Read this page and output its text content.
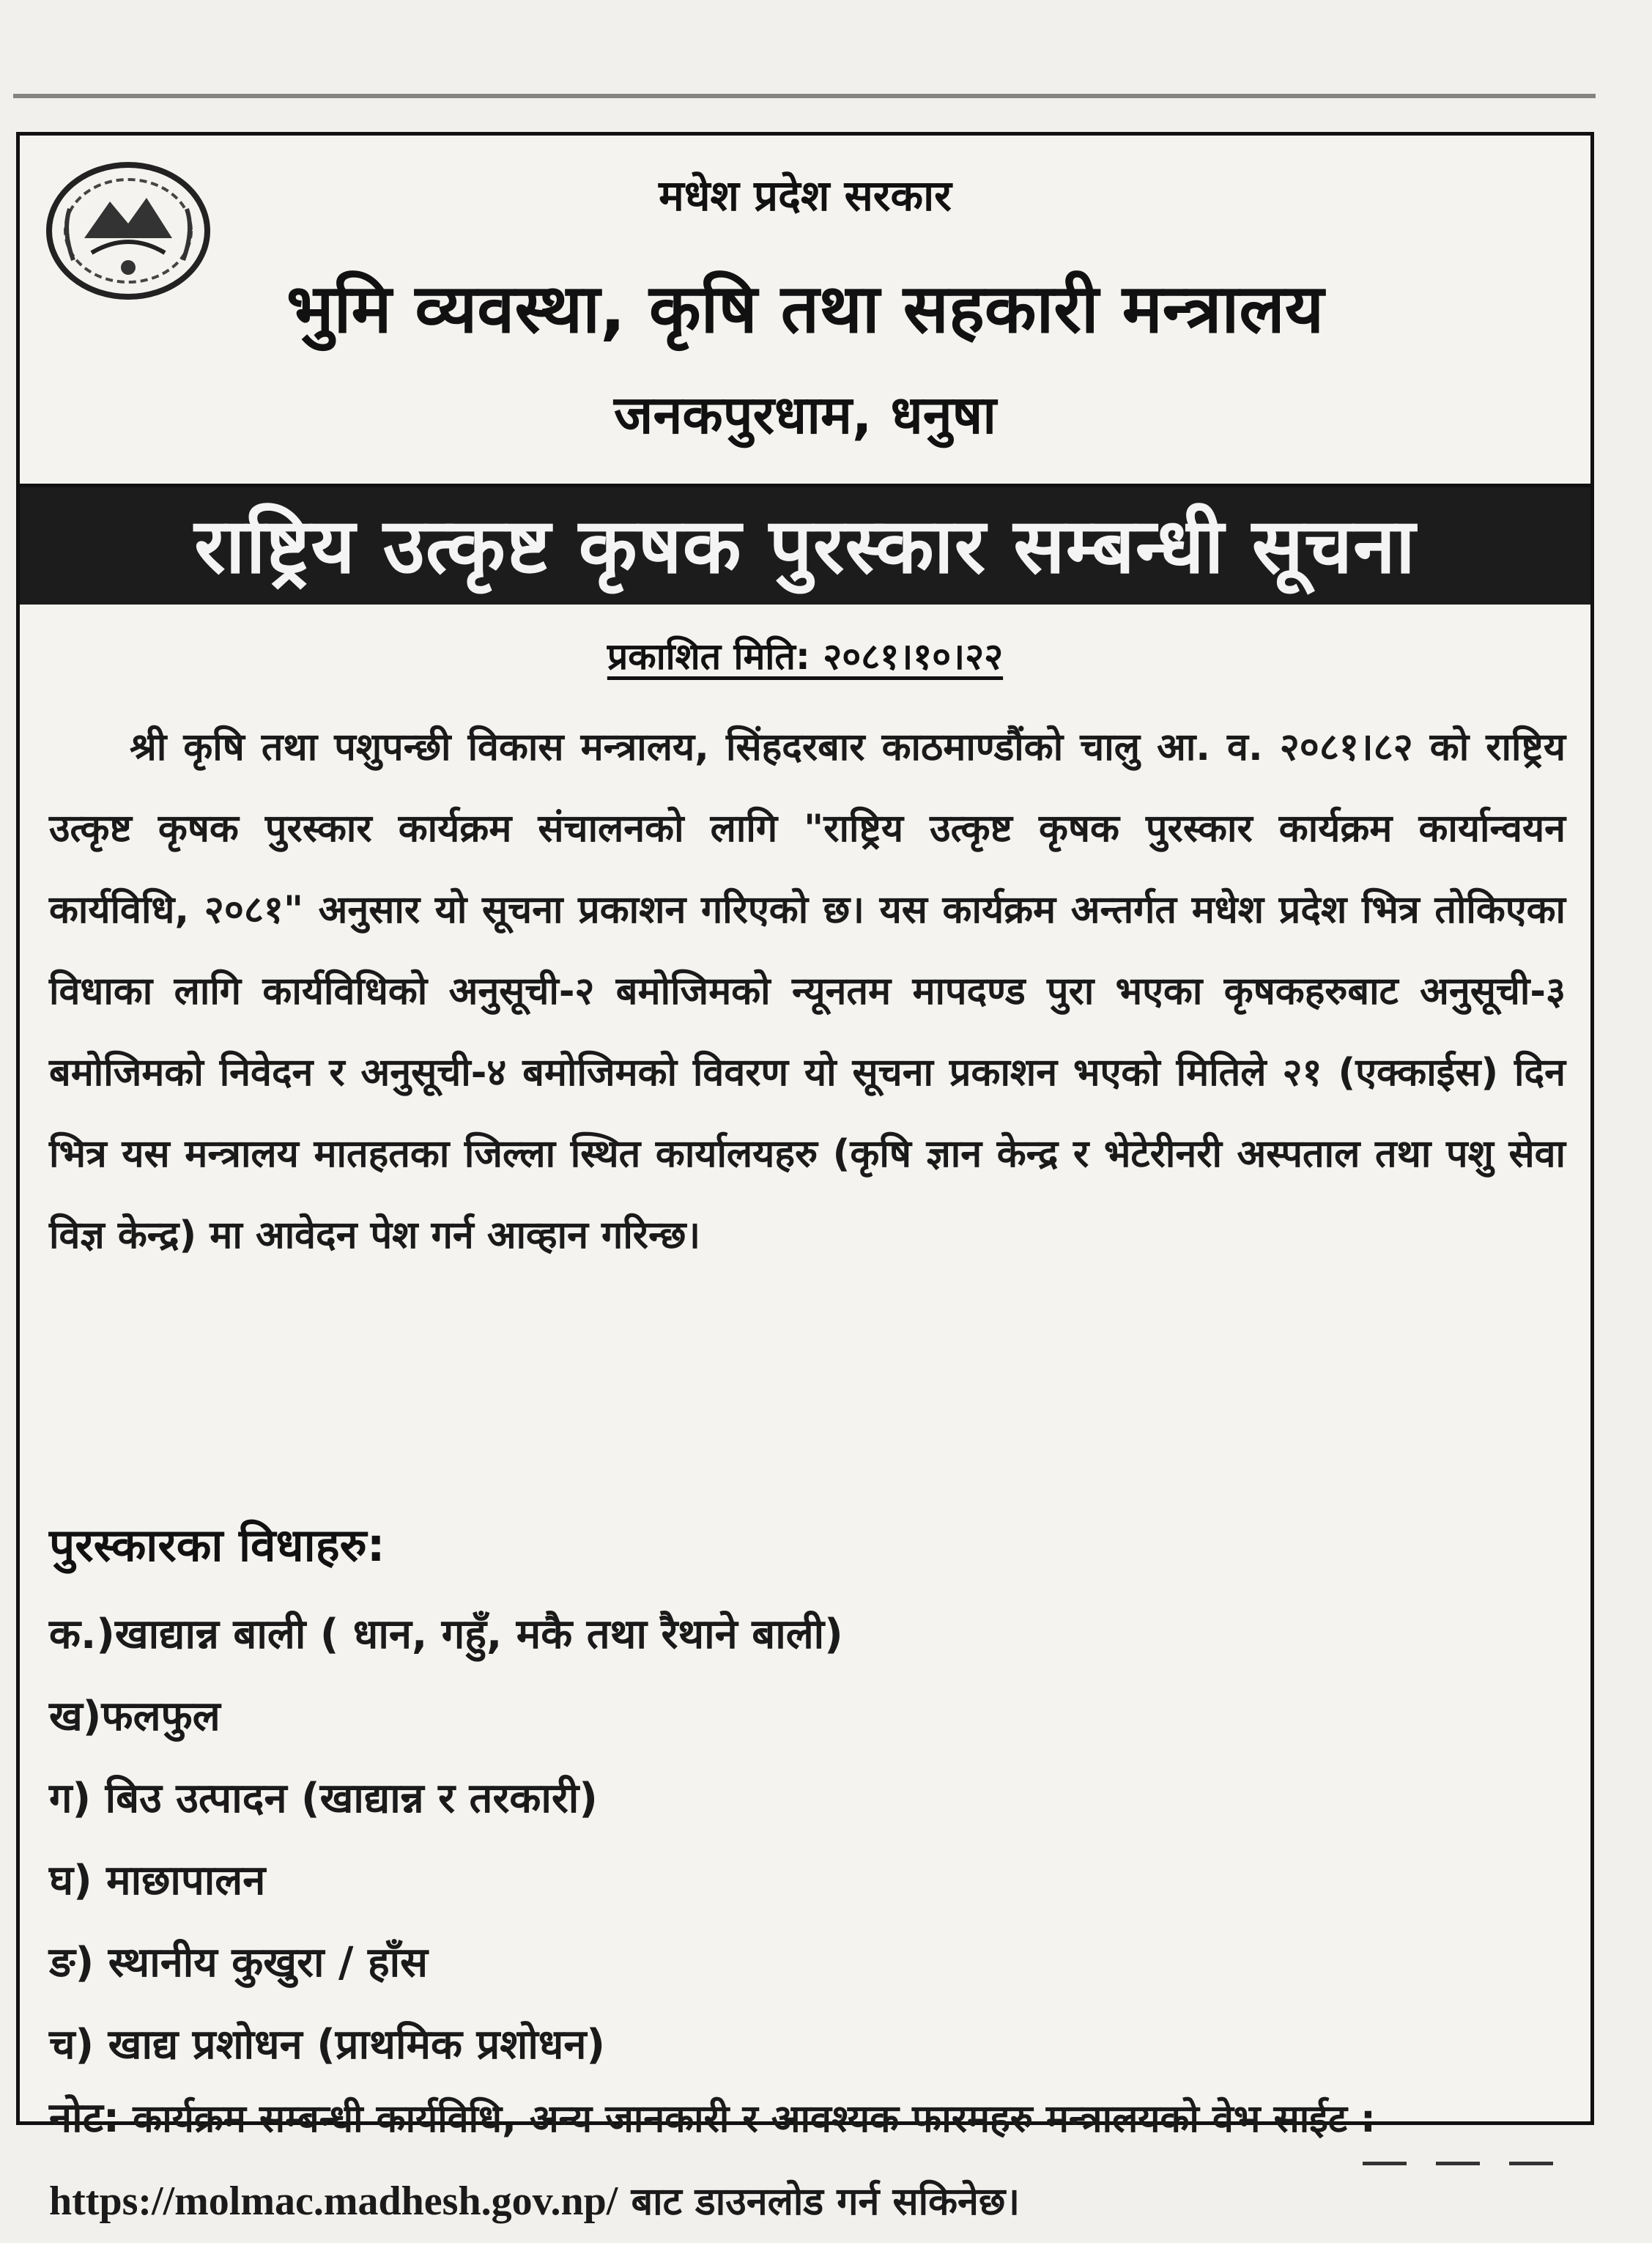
मधेश प्रदेश सरकार
भुमि व्यवस्था, कृषि तथा सहकारी मन्त्रालय
जनकपुरधाम, धनुषा
राष्ट्रिय उत्कृष्ट कृषक पुरस्कार सम्बन्धी सूचना
प्रकाशित मिति: २०८१।१०।२२

श्री कृषि तथा पशुपन्छी विकास मन्त्रालय, सिंहदरबार काठमाण्डौंको चालु आ. व. २०८१।८२ को राष्ट्रिय उत्कृष्ट कृषक पुरस्कार कार्यक्रम संचालनको लागि "राष्ट्रिय उत्कृष्ट कृषक पुरस्कार कार्यक्रम कार्यान्वयन कार्यविधि, २०८१" अनुसार यो सूचना प्रकाशन गरिएको छ। यस कार्यक्रम अन्तर्गत मधेश प्रदेश भित्र तोकिएका विधाका लागि कार्यविधिको अनुसूची-२ बमोजिमको न्यूनतम मापदण्ड पुरा भएका कृषकहरुबाट अनुसूची-३ बमोजिमको निवेदन र अनुसूची-४ बमोजिमको विवरण यो सूचना प्रकाशन भएको मितिले २१ (एक्काईस) दिन भित्र यस मन्त्रालय मातहतका जिल्ला स्थित कार्यालयहरु (कृषि ज्ञान केन्द्र र भेटेरीनरी अस्पताल तथा पशु सेवा विज्ञ केन्द्र) मा आवेदन पेश गर्न आव्हान गरिन्छ।

पुरस्कारका विधाहरु:
क.)खाद्यान्न बाली ( धान, गहुँ, मकै तथा रैथाने बाली)
ख)फलफुल
ग) बिउ उत्पादन (खाद्यान्न र तरकारी)
घ) माछापालन
ङ) स्थानीय कुखुरा / हाँस
च) खाद्य प्रशोधन (प्राथमिक प्रशोधन)
नोट: कार्यक्रम सम्बन्धी कार्यविधि, अन्य जानकारी र आवश्यक फारमहरु मन्त्रालयको वेभ साईट : https://molmac.madhesh.gov.np/ बाट डाउनलोड गर्न सकिनेछ।
